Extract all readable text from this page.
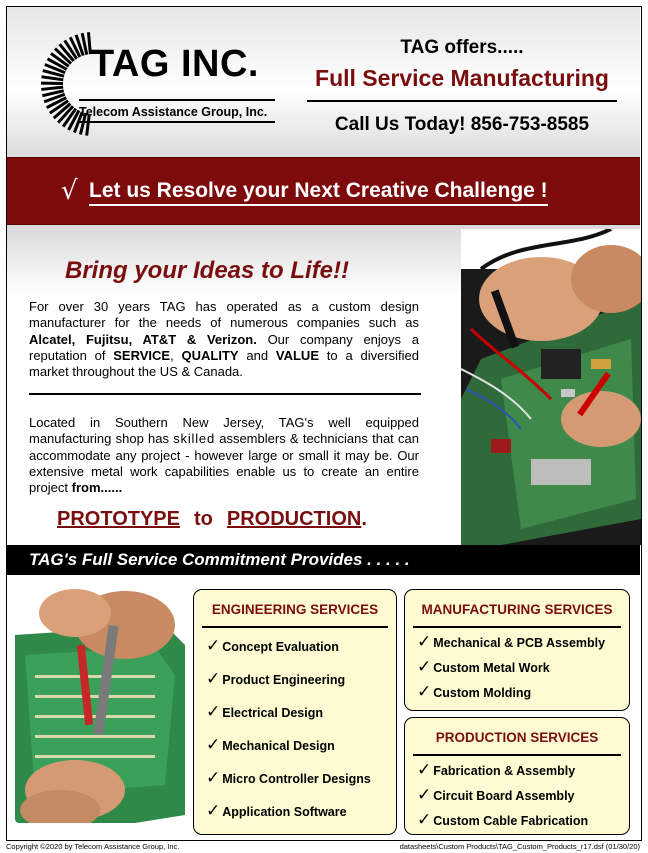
TAG INC.
Telecom Assistance Group, Inc.
TAG offers.....
Full Service Manufacturing
Call Us Today! 856-753-8585
√ Let us Resolve your Next Creative Challenge !
Bring your Ideas to Life!!
For over 30 years TAG has operated as a custom design manufacturer for the needs of numerous companies such as Alcatel, Fujitsu, AT&T & Verizon. Our company enjoys a reputation of SERVICE, QUALITY and VALUE to a diversified market throughout the US & Canada.
Located in Southern New Jersey, TAG's well equipped manufacturing shop has skilled assemblers & technicians that can accommodate any project - however large or small it may be. Our extensive metal work capabilities enable us to create an entire project from......
PROTOTYPE to PRODUCTION.
TAG's Full Service Commitment Provides . . . . .
ENGINEERING SERVICES
✓ Concept Evaluation
✓ Product Engineering
✓ Electrical Design
✓ Mechanical Design
✓ Micro Controller Designs
✓ Application Software
MANUFACTURING SERVICES
✓ Mechanical & PCB Assembly
✓ Custom Metal Work
✓ Custom Molding
PRODUCTION SERVICES
✓ Fabrication & Assembly
✓ Circuit Board Assembly
✓ Custom Cable Fabrication
Copyright ©2020 by Telecom Assistance Group, Inc.	datasheets\Custom Products\TAG_Custom_Products_r17.dsf (01/30/20)
